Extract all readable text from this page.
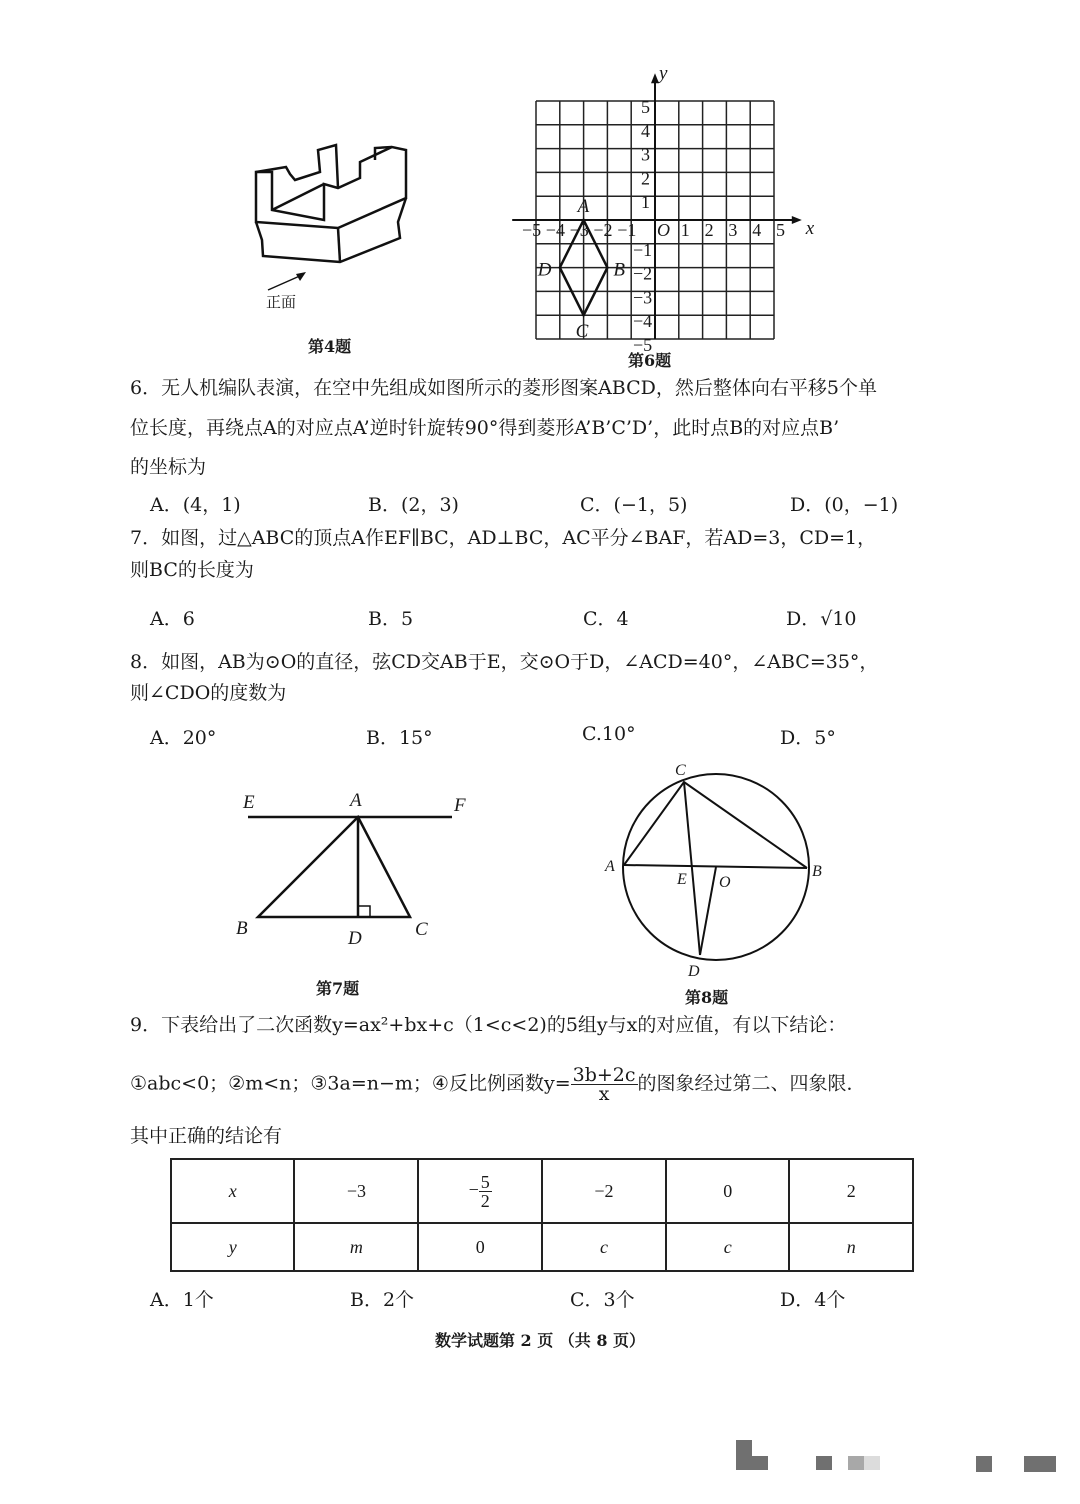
正面
第4题
x
y
O
−5 −4 −3 −2 −1 1 2 3 4 5
5
4
3
2
1
−1
−2
−3
−4
−5
A
B
C
D
第6题
6．无人机编队表演，在空中先组成如图所示的菱形图案ABCD，然后整体向右平移5个单
位长度，再绕点A的对应点A’逆时针旋转90°得到菱形A’B’C’D’，此时点B的对应点B’
的坐标为
A．(4，1)	B．(2，3)	C．(−1，5)	D．(0，−1)
7．如图，过△ABC的顶点A作EF∥BC，AD⊥BC，AC平分∠BAF，若AD=3，CD=1，
则BC的长度为
A．6	B．5	C．4	D．√10
8．如图，AB为⊙O的直径，弦CD交AB于E，交⊙O于D，∠ACD=40°，∠ABC=35°，
则∠CDO的度数为
A．20°	B．15°	C.10°	D．5°
E	A	F
B	D	C
第7题
C
A	B
E O
D
第8题
9．下表给出了二次函数y=ax²+bx+c（1<c<2)的5组y与x的对应值，有以下结论：
①abc<0；②m<n；③3a=n−m；④反比例函数$y= \frac{3b+2c}{x}$ 的图象经过第二、四象限．
其中正确的结论有
x	−3	− $\frac{5}{2}$	−2	0	2
y	m	0	c	c	n
A．1个	B．2个	C．3个	D．4个
数学试题第 2 页 （共 8 页）
